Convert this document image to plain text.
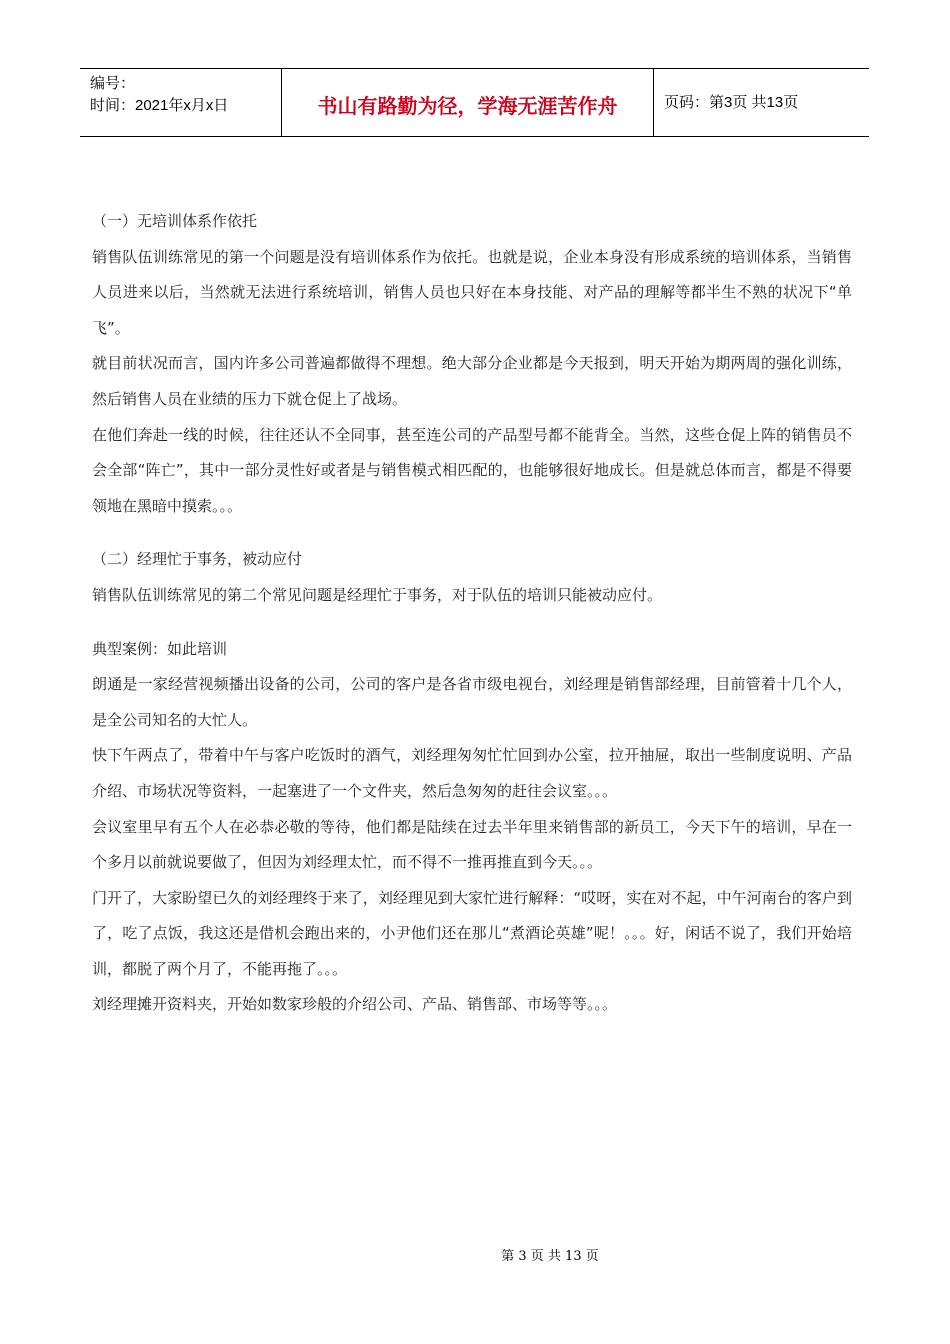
编号：
时间：2021年x月x日	书山有路勤为径，学海无涯苦作舟	页码：第3页 共13页

（一）无培训体系作依托

销售队伍训练常见的第一个问题是没有培训体系作为依托。也就是说，企业本身没有形成系统的培训体系，当销售人员进来以后，当然就无法进行系统培训，销售人员也只好在本身技能、对产品的理解等都半生不熟的状况下“单飞”。

就目前状况而言，国内许多公司普遍都做得不理想。绝大部分企业都是今天报到，明天开始为期两周的强化训练，然后销售人员在业绩的压力下就仓促上了战场。

在他们奔赴一线的时候，往往还认不全同事，甚至连公司的产品型号都不能背全。当然，这些仓促上阵的销售员不会全部“阵亡”，其中一部分灵性好或者是与销售模式相匹配的，也能够很好地成长。但是就总体而言，都是不得要领地在黑暗中摸索。。。

（二）经理忙于事务，被动应付

销售队伍训练常见的第二个常见问题是经理忙于事务，对于队伍的培训只能被动应付。

典型案例：如此培训

朗通是一家经营视频播出设备的公司，公司的客户是各省市级电视台，刘经理是销售部经理，目前管着十几个人，是全公司知名的大忙人。

快下午两点了，带着中午与客户吃饭时的酒气，刘经理匆匆忙忙回到办公室，拉开抽屉，取出一些制度说明、产品介绍、市场状况等资料，一起塞进了一个文件夹，然后急匆匆的赶往会议室。。。

会议室里早有五个人在必恭必敬的等待，他们都是陆续在过去半年里来销售部的新员工，今天下午的培训，早在一个多月以前就说要做了，但因为刘经理太忙，而不得不一推再推直到今天。。。

门开了，大家盼望已久的刘经理终于来了，刘经理见到大家忙进行解释：“哎呀，实在对不起，中午河南台的客户到了，吃了点饭，我这还是借机会跑出来的，小尹他们还在那儿“煮酒论英雄”呢！。。。好，闲话不说了，我们开始培训，都脱了两个月了，不能再拖了。。。

刘经理摊开资料夹，开始如数家珍般的介绍公司、产品、销售部、市场等等。。。

第 3 页 共 13 页
